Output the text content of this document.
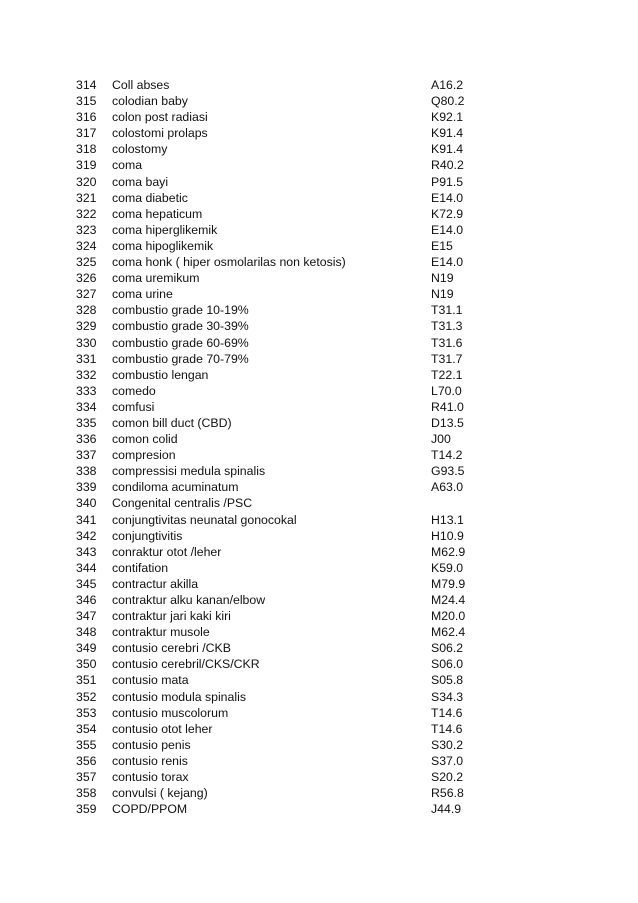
314	Coll abses	A16.2
315	colodian baby	Q80.2
316	colon post radiasi	K92.1
317	colostomi prolaps	K91.4
318	colostomy	K91.4
319	coma	R40.2
320	coma bayi	P91.5
321	coma diabetic	E14.0
322	coma hepaticum	K72.9
323	coma hiperglikemik	E14.0
324	coma hipoglikemik	E15
325	coma honk ( hiper osmolarilas non ketosis)	E14.0
326	coma uremikum	N19
327	coma urine	N19
328	combustio grade 10-19%	T31.1
329	combustio grade 30-39%	T31.3
330	combustio grade 60-69%	T31.6
331	combustio grade 70-79%	T31.7
332	combustio lengan	T22.1
333	comedo	L70.0
334	comfusi	R41.0
335	comon bill duct (CBD)	D13.5
336	comon colid	J00
337	compresion	T14.2
338	compressisi medula spinalis	G93.5
339	condiloma acuminatum	A63.0
340	Congenital centralis /PSC	
341	conjungtivitas neunatal gonocokal	H13.1
342	conjungtivitis	H10.9
343	conraktur otot /leher	M62.9
344	contifation	K59.0
345	contractur akilla	M79.9
346	contraktur alku kanan/elbow	M24.4
347	contraktur jari kaki kiri	M20.0
348	contraktur musole	M62.4
349	contusio cerebri /CKB	S06.2
350	contusio cerebril/CKS/CKR	S06.0
351	contusio mata	S05.8
352	contusio modula spinalis	S34.3
353	contusio muscolorum	T14.6
354	contusio otot leher	T14.6
355	contusio penis	S30.2
356	contusio renis	S37.0
357	contusio torax	S20.2
358	convulsi ( kejang)	R56.8
359	COPD/PPOM	J44.9
